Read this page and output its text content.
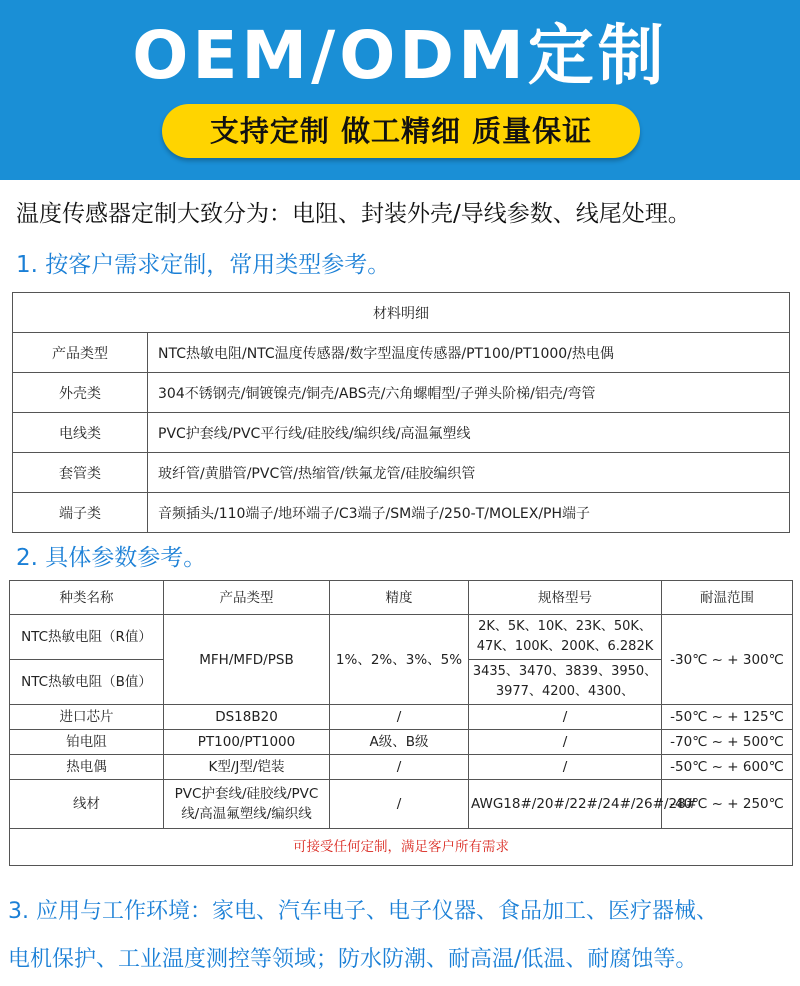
OEM/ODM定制
支持定制 做工精细 质量保证
温度传感器定制大致分为：电阻、封装外壳/导线参数、线尾处理。
1. 按客户需求定制，常用类型参考。
材料明细	
产品类型	NTC热敏电阻/NTC温度传感器/数字型温度传感器/PT100/PT1000/热电偶
外壳类	304不锈钢壳/铜镀镍壳/铜壳/ABS壳/六角螺帽型/子弹头阶梯/铝壳/弯管
电线类	PVC护套线/PVC平行线/硅胶线/编织线/高温氟塑线
套管类	玻纤管/黄腊管/PVC管/热缩管/铁氟龙管/硅胶编织管
端子类	音频插头/110端子/地环端子/C3端子/SM端子/250-T/MOLEX/PH端子
2. 具体参数参考。
种类名称	产品类型	精度	规格型号	耐温范围
NTC热敏电阻（R值）	MFH/MFD/PSB	1%、2%、3%、5%	2K、5K、10K、23K、50K、47K、100K、200K、6.282K	-30℃ ~ + 300℃
NTC热敏电阻（B值）			3435、3470、3839、3950、3977、4200、4300、	
进口芯片	DS18B20	/	/	-50℃ ~ + 125℃
铂电阻	PT100/PT1000	A级、B级	/	-70℃ ~ + 500℃
热电偶	K型/J型/铠装	/	/	-50℃ ~ + 600℃
线材	PVC护套线/硅胶线/PVC线/高温氟塑线/编织线	/	AWG18#/20#/22#/24#/26#/28#	-40℃ ~ + 250℃
可接受任何定制，满足客户所有需求				
3. 应用与工作环境：家电、汽车电子、电子仪器、食品加工、医疗器械、
电机保护、工业温度测控等领域；防水防潮、耐高温/低温、耐腐蚀等。
